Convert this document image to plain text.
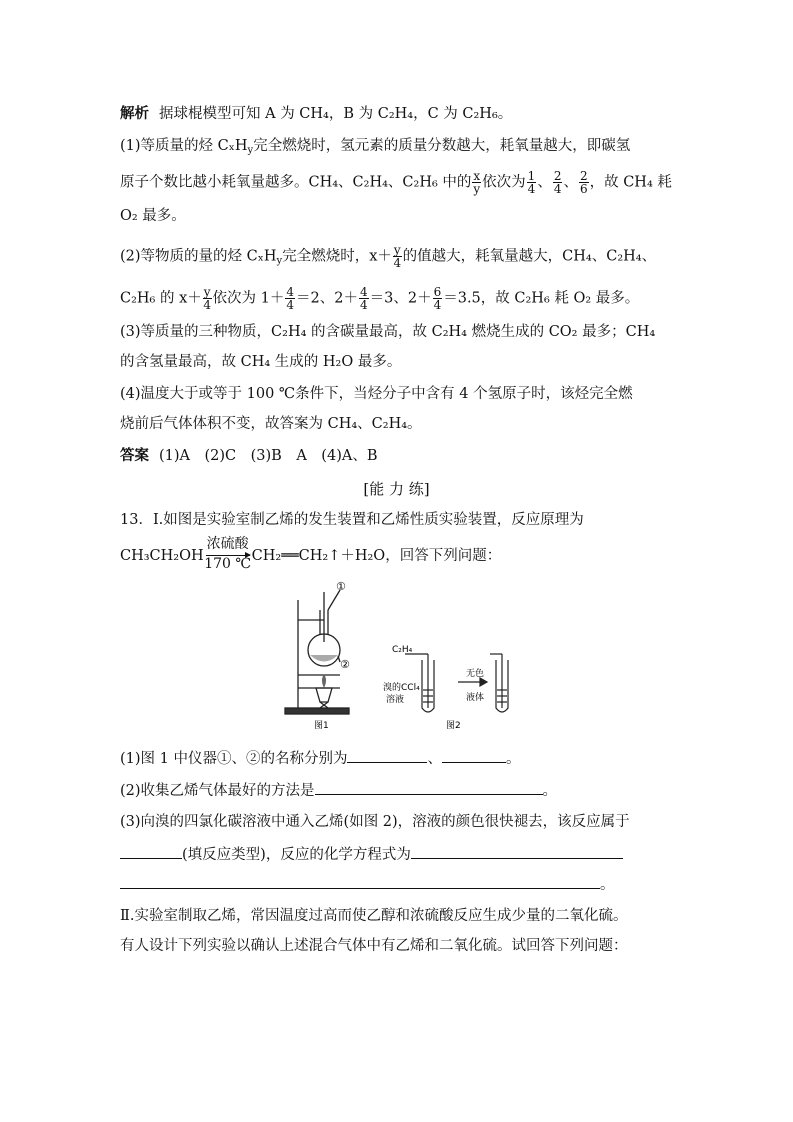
解析 据球棍模型可知 A 为 CH₄，B 为 C₂H₄，C 为 C₂H₆。
(1)等质量的烃 CₓH$_y$完全燃烧时，氢元素的质量分数越大，耗氧量越大，即碳氢
原子个数比越小耗氧量越多。CH₄、C₂H₄、C₂H₆ 中的 $\frac{x}{y}$ 依次为 $\frac{1}{4}$ 、 $\frac{2}{4}$ 、 $\frac{2}{6}$ ，故 CH₄ 耗
O₂ 最多。
(2)等物质的量的烃 CₓH$_y$完全燃烧时，$x+ \frac{y}{4}$ 的值越大，耗氧量越大，CH₄、C₂H₄、
C₂H₆ 的 $x+ \frac{y}{4}$ 依次为 $1+ \frac{4}{4} =2$、$2+ \frac{4}{4} =3$、$2+ \frac{6}{4} =3.5$，故 C₂H₆ 耗 O₂ 最多。
(3)等质量的三种物质，C₂H₄ 的含碳量最高，故 C₂H₄ 燃烧生成的 CO₂ 最多；CH₄
的含氢量最高，故 CH₄ 生成的 H₂O 最多。
(4)温度大于或等于 100 ℃条件下，当烃分子中含有 4 个氢原子时，该烃完全燃
烧前后气体体积不变，故答案为 CH₄、C₂H₄。
答案 (1)A　(2)C　(3)B　A　(4)A、B
[能 力 练]
13．Ⅰ.如图是实验室制乙烯的发生装置和乙烯性质实验装置，反应原理为
CH₃CH₂OH
浓硫酸
170 ℃ CH₂══CH₂↑＋H₂O，回答下列问题：
①
②
图1
C₂H₄
溴的CCl₄
溶液
无色
液体
图2
(1)图 1 中仪器①、②的名称分别为	、	。
(2)收集乙烯气体最好的方法是	。
(3)向溴的四氯化碳溶液中通入乙烯(如图 2)，溶液的颜色很快褪去，该反应属于
(填反应类型)，反应的化学方程式为
。
Ⅱ.实验室制取乙烯，常因温度过高而使乙醇和浓硫酸反应生成少量的二氧化硫。
有人设计下列实验以确认上述混合气体中有乙烯和二氧化硫。试回答下列问题：
